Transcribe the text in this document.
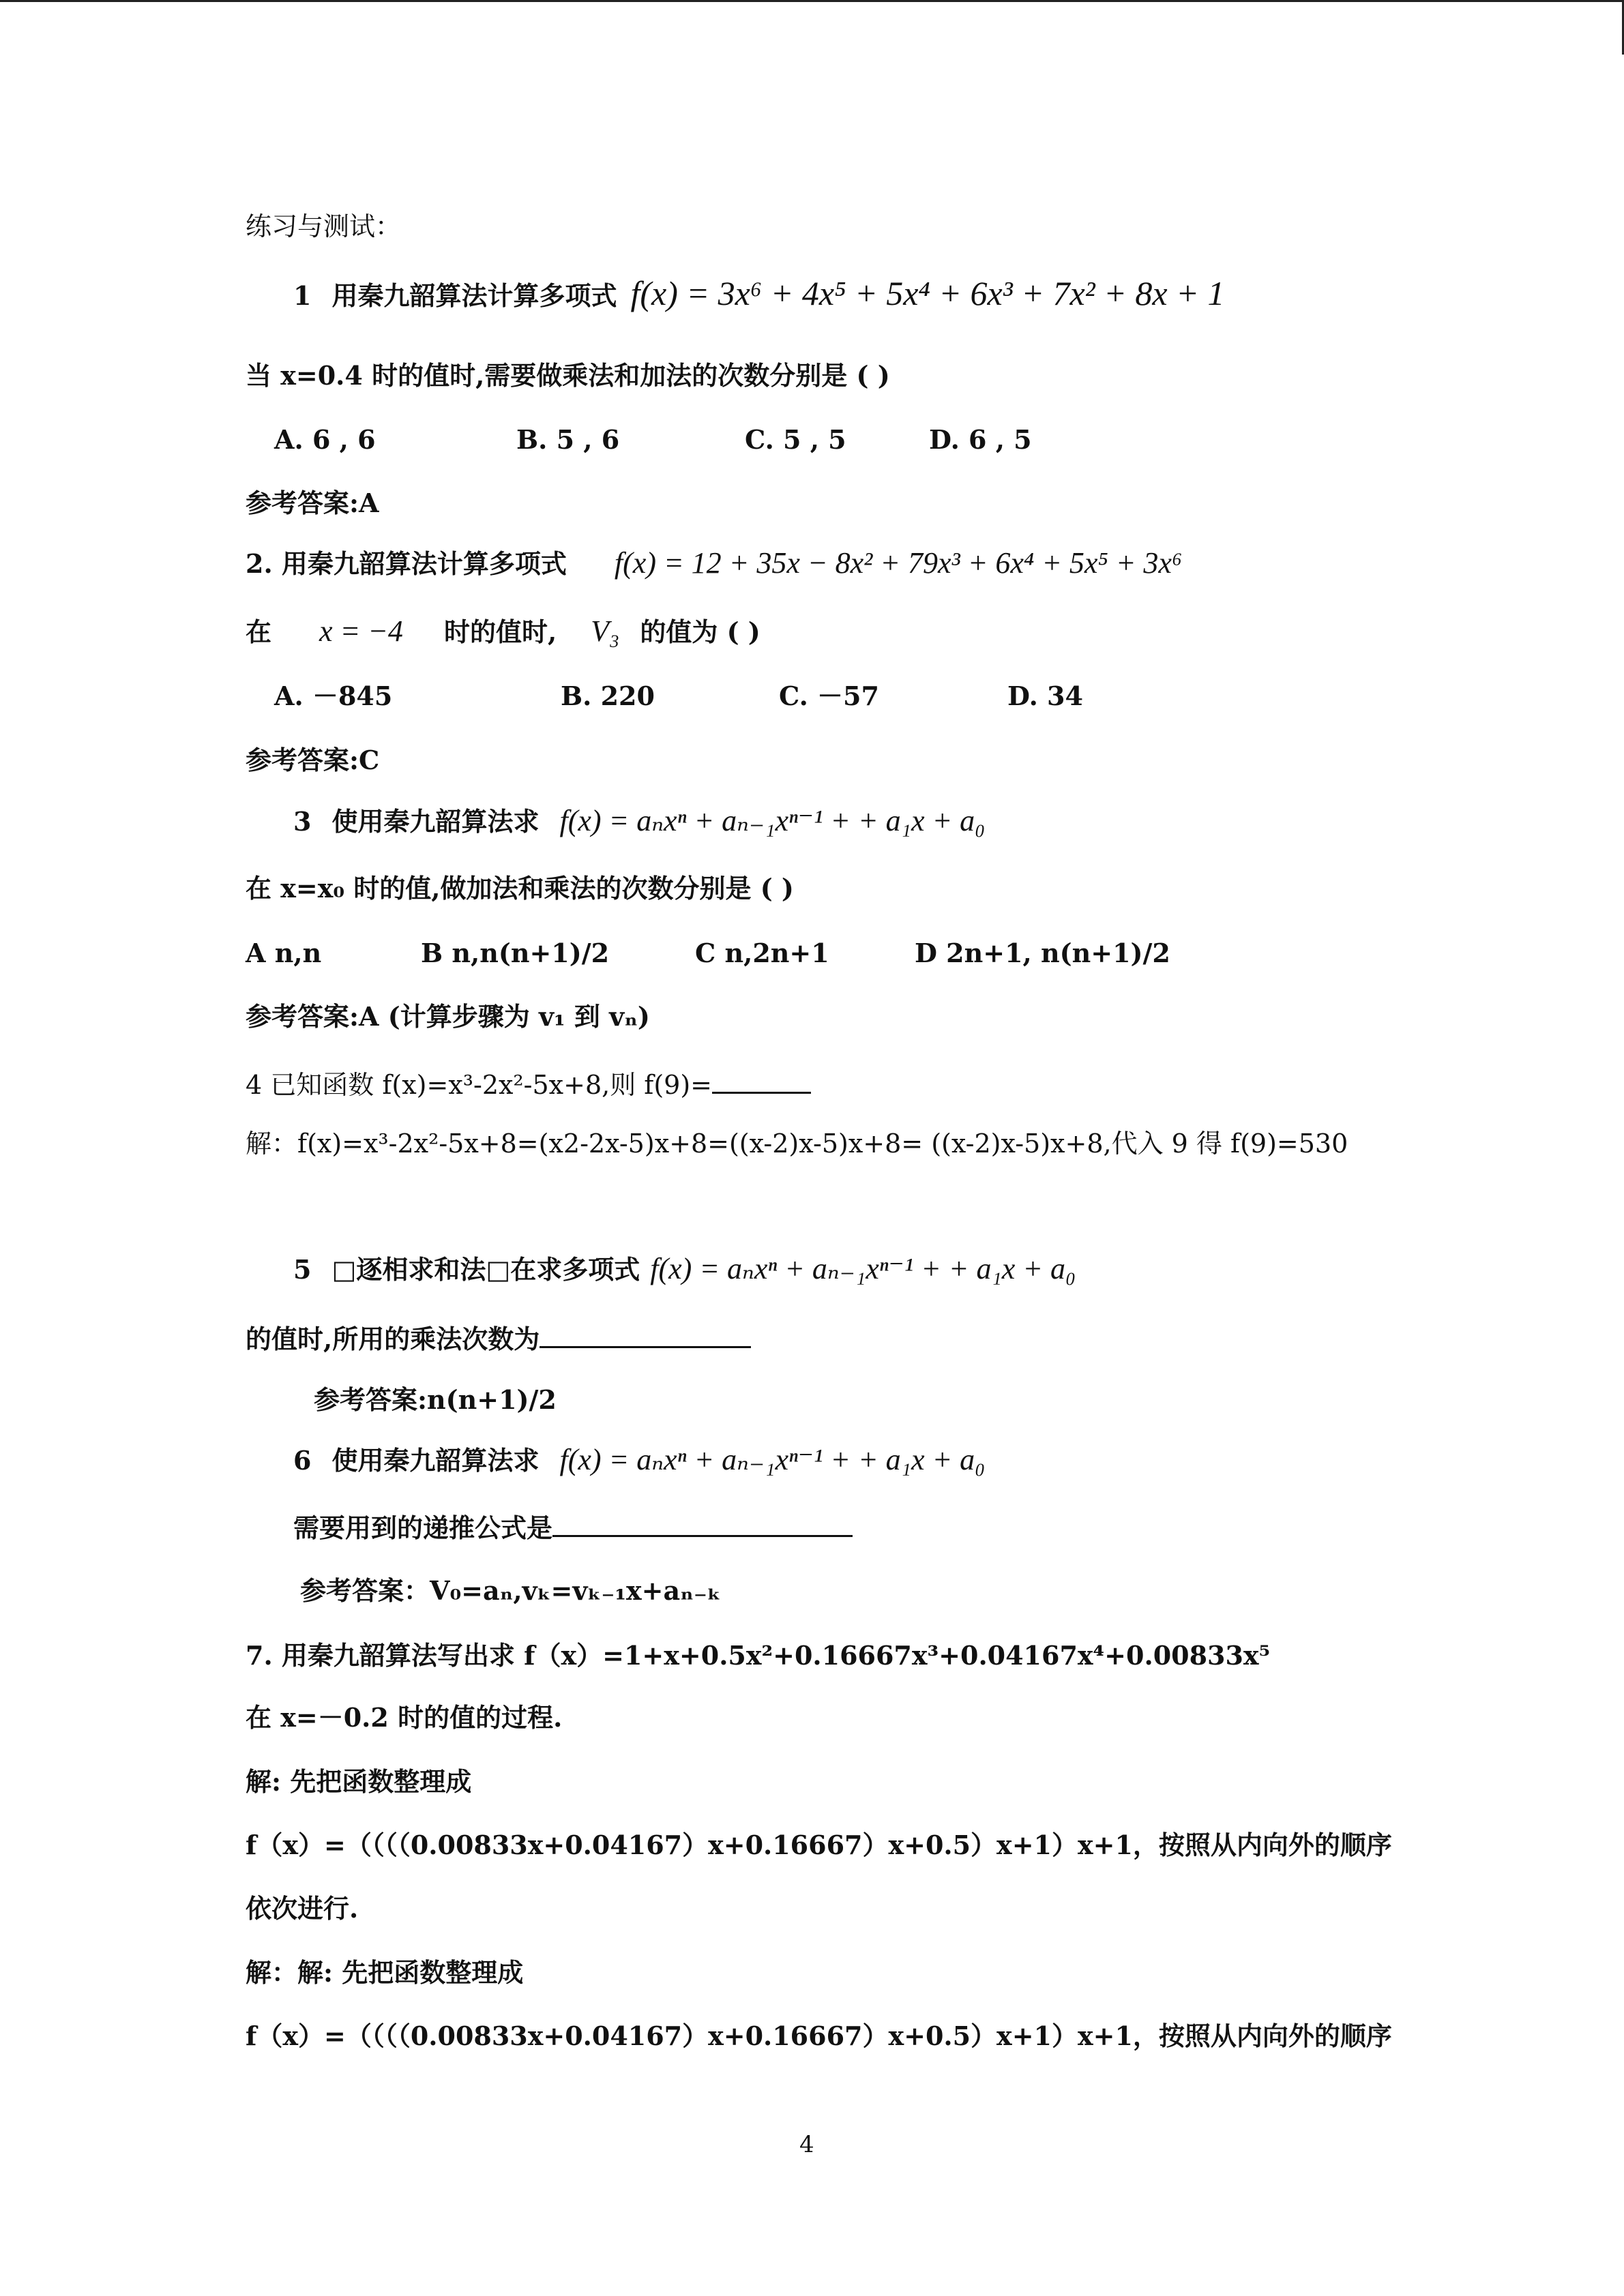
练习与测试：
1 用秦九韶算法计算多项式 f(x) = 3x⁶ + 4x⁵ + 5x⁴ + 6x³ + 7x² + 8x + 1
当 x=0.4 时的值时,需要做乘法和加法的次数分别是 ( )
A. 6 , 6	B. 5 , 6	C. 5 , 5	D. 6 , 5
参考答案:A
2. 用秦九韶算法计算多项式 f(x) = 12 + 35x − 8x² + 79x³ + 6x⁴ + 5x⁵ + 3x⁶
在 x = −4 时的值时, V₃ 的值为 ( )
A. －845	B. 220	C. －57	D. 34
参考答案:C
3 使用秦九韶算法求 f(x) = aₙxⁿ + aₙ₋₁xⁿ⁻¹ + + a₁x + a₀
在 x=x₀ 时的值,做加法和乘法的次数分别是 ( )
A n,n	B n,n(n+1)/2	C n,2n+1	D 2n+1, n(n+1)/2
参考答案:A (计算步骤为 v₁ 到 vₙ)
4 已知函数 f(x)=x³-2x²-5x+8,则 f(9)=
解：f(x)=x³-2x²-5x+8=(x2-2x-5)x+8=((x-2)x-5)x+8= ((x-2)x-5)x+8,代入 9 得 f(9)=530
5 □逐相求和法□在求多项式 f(x) = aₙxⁿ + aₙ₋₁xⁿ⁻¹ + + a₁x + a₀
的值时,所用的乘法次数为
参考答案:n(n+1)/2
6 使用秦九韶算法求 f(x) = aₙxⁿ + aₙ₋₁xⁿ⁻¹ + + a₁x + a₀
需要用到的递推公式是
参考答案：V₀=aₙ,vₖ=vₖ₋₁x+aₙ₋ₖ
7. 用秦九韶算法写出求 f（x）=1+x+0.5x²+0.16667x³+0.04167x⁴+0.00833x⁵
在 x=－0.2 时的值的过程.
解: 先把函数整理成
f（x）=（（（（0.00833x+0.04167）x+0.16667）x+0.5）x+1）x+1，按照从内向外的顺序
依次进行.
解：解: 先把函数整理成
f（x）=（（（（0.00833x+0.04167）x+0.16667）x+0.5）x+1）x+1，按照从内向外的顺序
4
